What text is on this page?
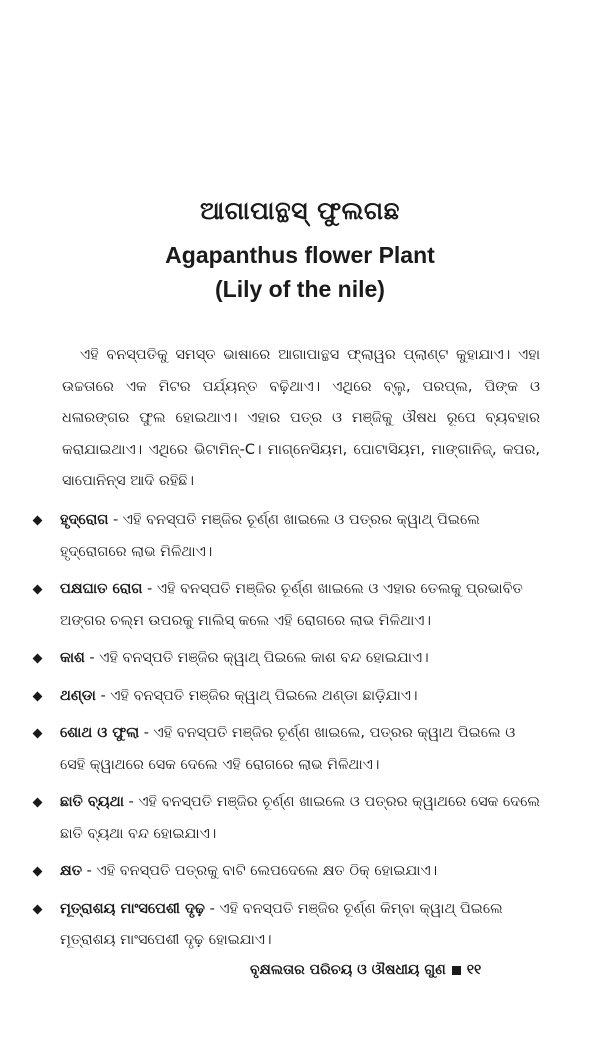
ଆଗାପାନ୍ଥସ୍ ଫୁଲଗଛ
Agapanthus flower Plant
(Lily of the nile)
ଏହି ବନସ୍ପତିକୁ ସମସ୍ତ ଭାଷାରେ ଆଗାପାନ୍ଥସ ଫ୍ଲାୱର ପ୍ଲାଣ୍ଟ କୁହାଯାଏ। ଏହା ଉଚ୍ଚତାରେ ଏକ ମିଟର ପର୍ଯ୍ୟନ୍ତ ବଢ଼ିଥାଏ। ଏଥିରେ ବ୍ଲୁ, ପରପ୍ଲ, ପିଙ୍କ ଓ ଧଳାରଙ୍ଗର ଫୁଲ ହୋଇଥାଏ। ଏହାର ପତ୍ର ଓ ମଞ୍ଜିକୁ ଔଷଧ ରୂପେ ବ୍ୟବହାର କରାଯାଇଥାଏ। ଏଥିରେ ଭିଟାମିନ୍-C। ମାଗ୍ନେସିୟମ, ପୋଟାସିୟମ, ମାଙ୍ଗାନିଜ୍, କପର, ସାପୋନିନ୍ସ ଆଦି ରହିଛି।
ହୃଦ୍‌ରୋଗ - ଏହି ବନସ୍ପତି ମଞ୍ଜିର ଚୂର୍ଣ୍ଣ ଖାଇଲେ ଓ ପତ୍ରର କ୍ୱାଥ୍ ପିଇଲେ ହୃଦ୍‌ରୋଗରେ ଲାଭ ମିଳିଥାଏ।
ପକ୍ଷଘାତ ରୋଗ - ଏହି ବନସ୍ପତି ମଞ୍ଜିର ଚୂର୍ଣ୍ଣ ଖାଇଲେ ଓ ଏହାର ତେଲକୁ ପ୍ରଭାବିତ ଅଙ୍ଗର ଚଲ୍ମ ଉପରକୁ ମାଲିସ୍ କଲେ ଏହି ରୋଗରେ ଲାଭ ମିଳିଥାଏ।
କାଶ - ଏହି ବନସ୍ପତି ମଞ୍ଜିର କ୍ୱାଥ୍ ପିଇଲେ କାଶ ବନ୍ଦ ହୋଇଯାଏ।
ଥଣ୍ଡା - ଏହି ବନସ୍ପତି ମଞ୍ଜିର କ୍ୱାଥ୍ ପିଇଲେ ଥଣ୍ଡା ଛାଡ଼ିଯାଏ।
ଶୋଥ ଓ ଫୁଲା - ଏହି ବନସ୍ପତି ମଞ୍ଜିର ଚୂର୍ଣ୍ଣ ଖାଇଲେ, ପତ୍ରର କ୍ୱାଥ ପିଇଲେ ଓ ସେହି କ୍ୱାଥରେ ସେକ ଦେଲେ ଏହି ରୋଗରେ ଲାଭ ମିଳିଥାଏ।
ଛାତି ବ୍ୟଥା - ଏହି ବନସ୍ପତି ମଞ୍ଜିର ଚୂର୍ଣ୍ଣ ଖାଇଲେ ଓ ପତ୍ରର କ୍ୱାଥରେ ସେକ ଦେଲେ ଛାତି ବ୍ୟଥା ବନ୍ଦ ହୋଇଯାଏ।
କ୍ଷତ - ଏହି ବନସ୍ପତି ପତ୍ରକୁ ବାଟି ଲେପଦେଲେ କ୍ଷତ ଠିକ୍ ହୋଇଯାଏ।
ମୂତ୍ରାଶୟ ମାଂସପେଶୀ ଦୃଢ଼ - ଏହି ବନସ୍ପତି ମଞ୍ଜିର ଚୂର୍ଣ୍ଣ କିମ୍ବା କ୍ୱାଥ୍ ପିଇଲେ ମୂତ୍ରାଶୟ ମାଂସପେଶୀ ଦୃଢ଼ ହୋଇଯାଏ।
ବୃକ୍ଷଲତାର ପରିଚୟ ଓ ଔଷଧୀୟ ଗୁଣ ୧୧
